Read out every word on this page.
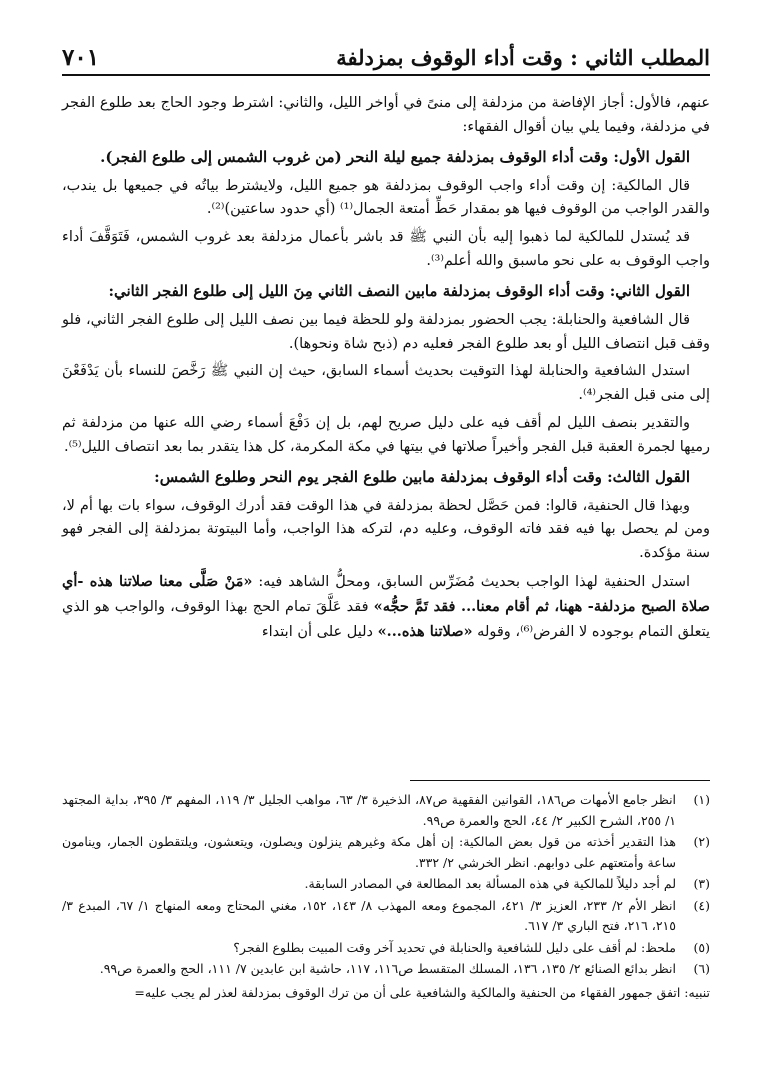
المطلب الثاني : وقت أداء الوقوف بمزدلفة
٧٠١

عنهم، فالأول: أجاز الإفاضة من مزدلفة إلى منىً في أواخر الليل، والثاني: اشترط وجود الحاج بعد طلوع الفجر في مزدلفة، وفيما يلي بيان أقوال الفقهاء:

القول الأول: وقت أداء الوقوف بمزدلفة جميع ليلة النحر (من غروب الشمس إلى طلوع الفجر).

قال المالكية: إن وقت أداء واجب الوقوف بمزدلفة هو جميع الليل، ولايشترط بياتُه في جميعها بل يندب، والقدر الواجب من الوقوف فيها هو بمقدار حَطِّ أمتعة الجمال⁽¹⁾ (أي حدود ساعتين)⁽²⁾.

قد يُستدل للمالكية لما ذهبوا إليه بأن النبي ﷺ قد باشر بأعمال مزدلفة بعد غروب الشمس، فَتَوَقَّفَ أداء واجب الوقوف به على نحو ماسبق والله أعلم⁽³⁾.

القول الثاني: وقت أداء الوقوف بمزدلفة مابين النصف الثاني مِنَ الليل إلى طلوع الفجر الثاني:

قال الشافعية والحنابلة: يجب الحضور بمزدلفة ولو للحظة فيما بين نصف الليل إلى طلوع الفجر الثاني، فلو وقف قبل انتصاف الليل أو بعد طلوع الفجر فعليه دم (ذبح شاة ونحوها).

استدل الشافعية والحنابلة لهذا التوقيت بحديث أسماء السابق، حيث إن النبي ﷺ رَخَّصَ للنساء بأن يَدْفَعْنَ إلى منى قبل الفجر⁽⁴⁾.

والتقدير بنصف الليل لم أقف فيه على دليل صريح لهم، بل إن دَفْعَ أسماء رضي الله عنها من مزدلفة ثم رميها لجمرة العقبة قبل الفجر وأخيراً صلاتها في بيتها في مكة المكرمة، كل هذا يتقدر بما بعد انتصاف الليل⁽⁵⁾.

القول الثالث: وقت أداء الوقوف بمزدلفة مابين طلوع الفجر يوم النحر وطلوع الشمس:

وبهذا قال الحنفية، قالوا: فمن حَصَّل لحظة بمزدلفة في هذا الوقت فقد أدرك الوقوف، سواء بات بها أم لا، ومن لم يحصل بها فيه فقد فاته الوقوف، وعليه دم، لتركه هذا الواجب، وأما البيتوتة بمزدلفة إلى الفجر فهو سنة مؤكدة.

استدل الحنفية لهذا الواجب بحديث مُضَرِّس السابق، ومحلُّ الشاهد فيه: «مَنْ صَلَّى معنا صلاتنا هذه -أي صلاة الصبح مزدلفة- ههنا، ثم أقام معنا... فقد تَمَّ حجُّه» فقد عَلَّقَ تمام الحج بهذا الوقوف، والواجب هو الذي يتعلق التمام بوجوده لا الفرض⁽⁶⁾، وقوله «صلاتنا هذه...» دليل على أن ابتداء

(١)
انظر جامع الأمهات ص١٨٦، القوانين الفقهية ص٨٧، الذخيرة ٣/ ٦٣، مواهب الجليل ٣/ ١١٩، المفهم ٣/ ٣٩٥، بداية المجتهد ١/ ٢٥٥، الشرح الكبير ٢/ ٤٤، الحج والعمرة ص٩٩.
(٢)
هذا التقدير أخذته من قول بعض المالكية: إن أهل مكة وغيرهم ينزلون ويصلون، ويتعشون، ويلتقطون الجمار، وينامون ساعة وأمتعتهم على دوابهم. انظر الخرشي ٢/ ٣٣٢.
(٣)
لم أجد دليلاً للمالكية في هذه المسألة بعد المطالعة في المصادر السابقة.
(٤)
انظر الأم ٢/ ٢٣٣، العزيز ٣/ ٤٢١، المجموع ومعه المهذب ٨/ ١٤٣، ١٥٢، مغني المحتاج ومعه المنهاج ١/ ٦٧، المبدع ٣/ ٢١٥، ٢١٦، فتح الباري ٣/ ٦١٧.
(٥)
ملحظ: لم أقف على دليل للشافعية والحنابلة في تحديد آخر وقت المبيت بطلوع الفجر؟
(٦)
انظر بدائع الصنائع ٢/ ١٣٥، ١٣٦، المسلك المتقسط ص١١٦، ١١٧، حاشية ابن عابدين ٧/ ١١١، الحج والعمرة ص٩٩.
تنبيه: اتفق جمهور الفقهاء من الحنفية والمالكية والشافعية على أن من ترك الوقوف بمزدلفة لعذر لم يجب عليه=
